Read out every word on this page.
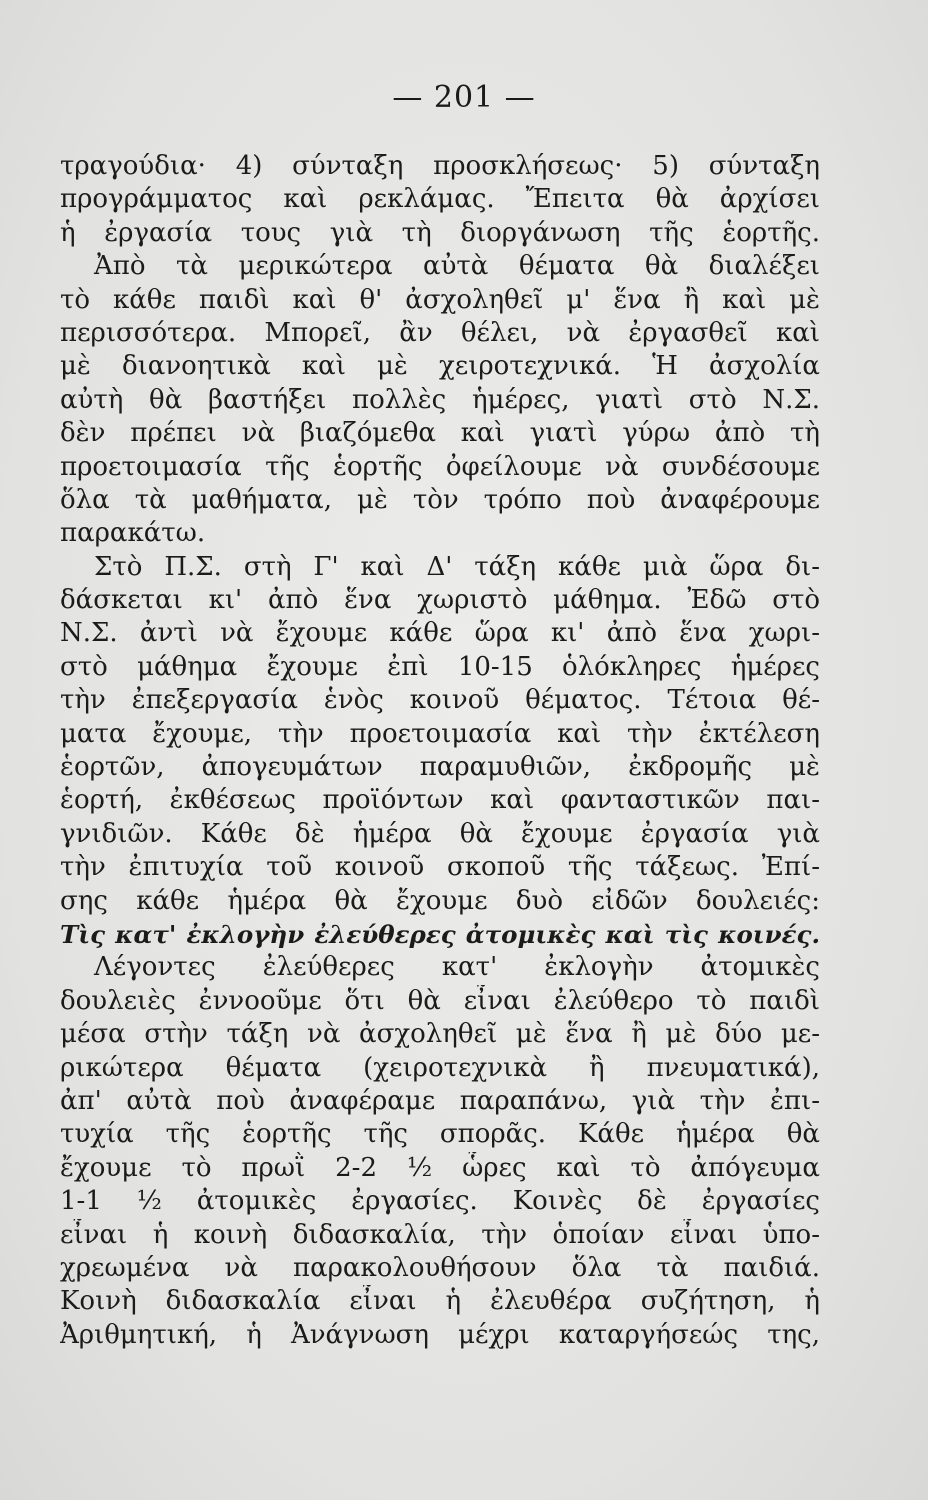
— 201 —
τραγούδια· 4) σύνταξη προσκλήσεως· 5) σύνταξη
προγράμματος καὶ ρεκλάμας. Ἔπειτα θὰ ἀρχίσει
ἡ ἐργασία τους γιὰ τὴ διοργάνωση τῆς ἑορτῆς.
Ἀπὸ τὰ μερικώτερα αὐτὰ θέματα θὰ διαλέξει
τὸ κάθε παιδὶ καὶ θ' ἀσχοληθεῖ μ' ἕνα ἢ καὶ μὲ
περισσότερα. Μπορεῖ, ἂν θέλει, νὰ ἐργασθεῖ καὶ
μὲ διανοητικὰ καὶ μὲ χειροτεχνικά. Ἡ ἀσχολία
αὐτὴ θὰ βαστήξει πολλὲς ἡμέρες, γιατὶ στὸ Ν.Σ.
δὲν πρέπει νὰ βιαζόμεθα καὶ γιατὶ γύρω ἀπὸ τὴ
προετοιμασία τῆς ἑορτῆς ὀφείλουμε νὰ συνδέσουμε
ὅλα τὰ μαθήματα, μὲ τὸν τρόπο ποὺ ἀναφέρουμε
παρακάτω.
Στὸ Π.Σ. στὴ Γ' καὶ Δ' τάξη κάθε μιὰ ὥρα δι-
δάσκεται κι' ἀπὸ ἕνα χωριστὸ μάθημα. Ἐδῶ στὸ
Ν.Σ. ἀντὶ νὰ ἔχουμε κάθε ὥρα κι' ἀπὸ ἕνα χωρι-
στὸ μάθημα ἔχουμε ἐπὶ 10-15 ὁλόκληρες ἡμέρες
τὴν ἐπεξεργασία ἑνὸς κοινοῦ θέματος. Τέτοια θέ-
ματα ἔχουμε, τὴν προετοιμασία καὶ τὴν ἐκτέλεση
ἑορτῶν, ἀπογευμάτων παραμυθιῶν, ἐκδρομῆς μὲ
ἑορτή, ἐκθέσεως προϊόντων καὶ φανταστικῶν παι-
γνιδιῶν. Κάθε δὲ ἡμέρα θὰ ἔχουμε ἐργασία γιὰ
τὴν ἐπιτυχία τοῦ κοινοῦ σκοποῦ τῆς τάξεως. Ἐπί-
σης κάθε ἡμέρα θὰ ἔχουμε δυὸ εἰδῶν δουλειές:
Τὶς κατ' ἐκλογὴν ἐλεύθερες ἀτομικὲς καὶ τὶς κοινές.
Λέγοντες ἐλεύθερες κατ' ἐκλογὴν ἀτομικὲς
δουλειὲς ἐννοοῦμε ὅτι θὰ εἶναι ἐλεύθερο τὸ παιδὶ
μέσα στὴν τάξη νὰ ἀσχοληθεῖ μὲ ἕνα ἢ μὲ δύο με-
ρικώτερα θέματα (χειροτεχνικὰ ἢ πνευματικά),
ἀπ' αὐτὰ ποὺ ἀναφέραμε παραπάνω, γιὰ τὴν ἐπι-
τυχία τῆς ἑορτῆς τῆς σπορᾶς. Κάθε ἡμέρα θὰ
ἔχουμε τὸ πρωῒ 2-2 ½ ὧρες καὶ τὸ ἀπόγευμα
1-1 ½ ἀτομικὲς ἐργασίες. Κοινὲς δὲ ἐργασίες
εἶναι ἡ κοινὴ διδασκαλία, τὴν ὁποίαν εἶναι ὑπο-
χρεωμένα νὰ παρακολουθήσουν ὅλα τὰ παιδιά.
Κοινὴ διδασκαλία εἶναι ἡ ἐλευθέρα συζήτηση, ἡ
Ἀριθμητική, ἡ Ἀνάγνωση μέχρι καταργήσεώς της,
